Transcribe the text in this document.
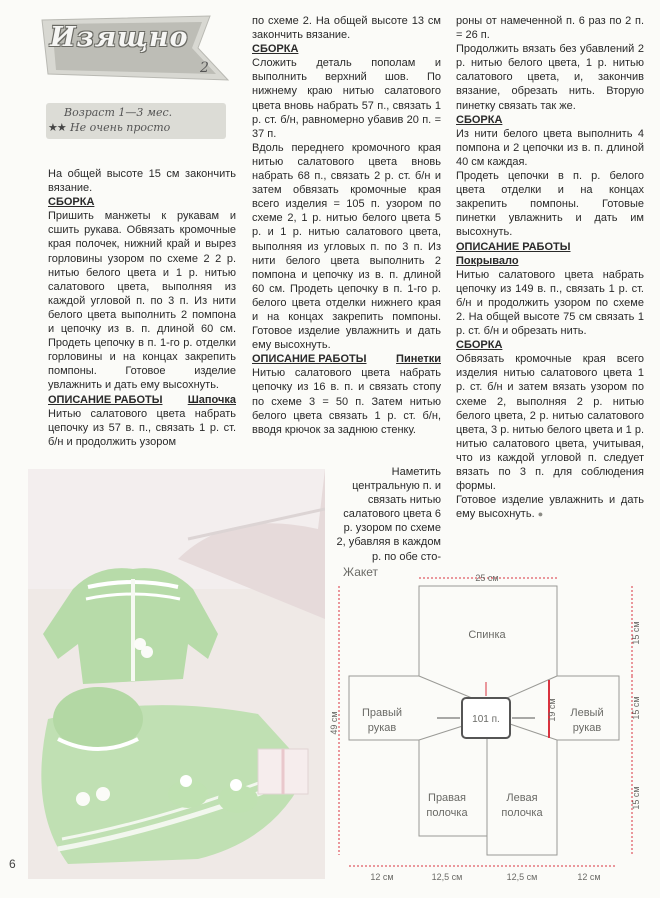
Изящно
2
Возраст 1—3 мес.
★★ Не очень просто

На общей высоте 15 см закончить вязание.

СБОРКА

Пришить манжеты к рукавам и сшить рукава. Обвязать кромочные края полочек, нижний край и вырез горловины узором по схеме 2 2 р. нитью белого цвета и 1 р. нитью салатового цвета, выполняя из каждой угловой п. по 3 п. Из нити белого цвета выполнить 2 помпона и цепочку из в. п. длиной 60 см. Продеть цепочку в п. 1-го р. отделки горловины и на концах закрепить помпоны. Готовое изделие увлажнить и дать ему высохнуть.

ОПИСАНИЕ РАБОТЫ Шапочка

Нитью салатового цвета набрать цепочку из 57 в. п., связать 1 р. ст. б/н и продолжить узором

по схеме 2. На общей высоте 13 см закончить вязание.

СБОРКА

Сложить деталь пополам и выполнить верхний шов. По нижнему краю нитью салатового цвета вновь набрать 57 п., связать 1 р. ст. б/н, равномерно убавив 20 п. = 37 п.

Вдоль переднего кромочного края нитью салатового цвета вновь набрать 68 п., связать 2 р. ст. б/н и затем обвязать кромочные края всего изделия = 105 п. узором по схеме 2, 1 р. нитью белого цвета 5 р. и 1 р. нитью салатового цвета, выполняя из угловых п. по 3 п. Из нити белого цвета выполнить 2 помпона и цепочку из в. п. длиной 60 см. Продеть цепочку в п. 1-го р. белого цвета отделки нижнего края и на концах закрепить помпоны. Готовое изделие увлажнить и дать ему высохнуть.

ОПИСАНИЕ РАБОТЫ	Пинетки

Нитью салатового цвета набрать цепочку из 16 в. п. и связать стопу по схеме 3 = 50 п. Затем нитью белого цвета связать 1 р. ст. б/н, вводя крючок за заднюю стенку.

Наметить центральную п. и связать нитью салатового цвета 6 р. узором по схеме 2, убавляя в каждом р. по обе сто-

роны от намеченной п. 6 раз по 2 п. = 26 п.

Продолжить вязать без убавлений 2 р. нитью белого цвета, 1 р. нитью салатового цвета, и, закончив вязание, обрезать нить. Вторую пинетку связать так же.

СБОРКА

Из нити белого цвета выполнить 4 помпона и 2 цепочки из в. п. длиной 40 см каждая.

Продеть цепочки в п. р. белого цвета отделки и на концах закрепить помпоны. Готовые пинетки увлажнить и дать им высохнуть.

ОПИСАНИЕ РАБОТЫ
Покрывало

Нитью салатового цвета набрать цепочку из 149 в. п., связать 1 р. ст. б/н и продолжить узором по схеме 2. На общей высоте 75 см связать 1 р. ст. б/н и обрезать нить.

СБОРКА

Обвязать кромочные края всего изделия нитью салатового цвета 1 р. ст. б/н и затем вязать узором по схеме 2, выполняя 2 р. нитью белого цвета, 2 р. нитью салатового цвета, 3 р. нитью белого цвета и 1 р. нитью салатового цвета, учитывая, что из каждой угловой п. следует вязать по 3 п. для соблюдения формы.

Готовое изделие увлажнить и дать ему высохнуть. ●

6
Жакет	25 см
101 п.	19 см
49 см
15 см
15 см
15 см
Спинка
Правый
рукав
Левый
рукав
Правая
полочка
Левая
полочка
12 см	12,5 см	12,5 см	12 см
